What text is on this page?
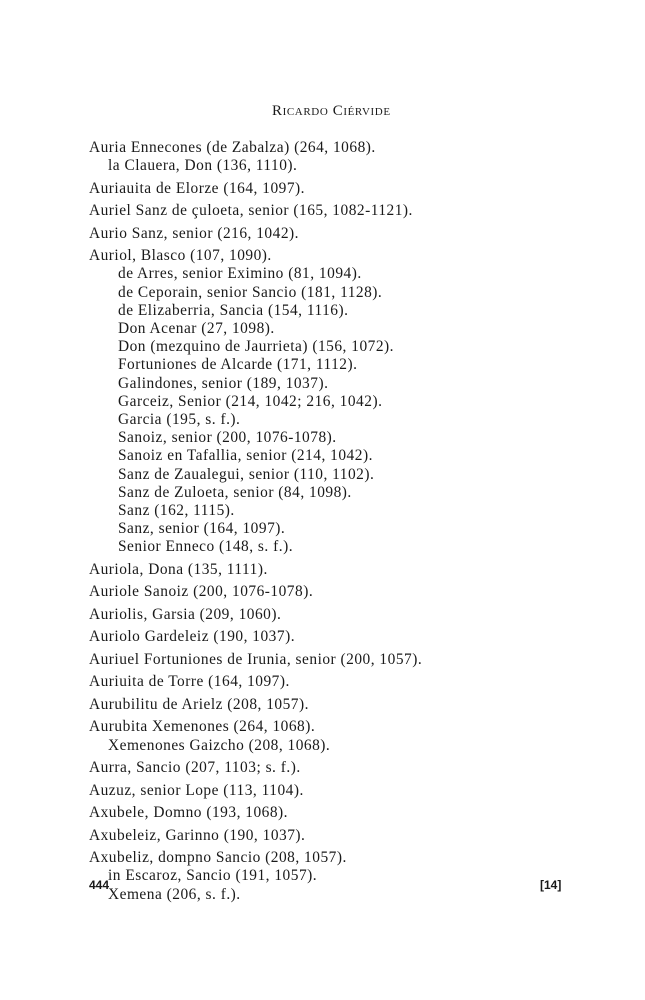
Ricardo Ciérvide
Auria Ennecones (de Zabalza) (264, 1068).
la Clauera, Don (136, 1110).
Auriauita de Elorze (164, 1097).
Auriel Sanz de çuloeta, senior (165, 1082-1121).
Aurio Sanz, senior (216, 1042).
Auriol, Blasco (107, 1090).
de Arres, senior Eximino (81, 1094).
de Ceporain, senior Sancio (181, 1128).
de Elizaberria, Sancia (154, 1116).
Don Acenar (27, 1098).
Don (mezquino de Jaurrieta) (156, 1072).
Fortuniones de Alcarde (171, 1112).
Galindones, senior (189, 1037).
Garceiz, Senior (214, 1042; 216, 1042).
Garcia (195, s. f.).
Sanoiz, senior (200, 1076-1078).
Sanoiz en Tafallia, senior (214, 1042).
Sanz de Zaualegui, senior (110, 1102).
Sanz de Zuloeta, senior (84, 1098).
Sanz (162, 1115).
Sanz, senior (164, 1097).
Senior Enneco (148, s. f.).
Auriola, Dona (135, 1111).
Auriole Sanoiz (200, 1076-1078).
Auriolis, Garsia (209, 1060).
Auriolo Gardeleiz (190, 1037).
Auriuel Fortuniones de Irunia, senior (200, 1057).
Auriuita de Torre (164, 1097).
Aurubilitu de Arielz (208, 1057).
Aurubita Xemenones (264, 1068).
Xemenones Gaizcho (208, 1068).
Aurra, Sancio (207, 1103; s. f.).
Auzuz, senior Lope (113, 1104).
Axubele, Domno (193, 1068).
Axubeleiz, Garinno (190, 1037).
Axubeliz, dompno Sancio (208, 1057).
in Escaroz, Sancio (191, 1057).
Xemena (206, s. f.).
444	[14]
